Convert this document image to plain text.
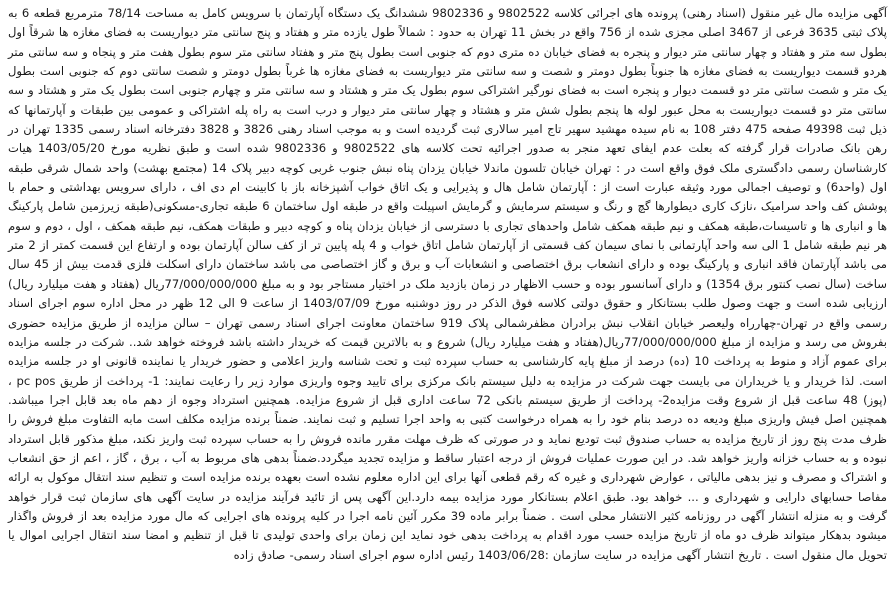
آگهی مزایده مال غیر منقول (اسناد رهنی) پرونده های اجرائی کلاسه 9802522 و 9802336 ششدانگ یک دستگاه آپارتمان با سرویس کامل به مساحت 78/14 مترمربع قطعه 6 به پلاک ثبتی 3635 فرعی از 3467 اصلی مجزی شده از 756 واقع در بخش 11 تهران به حدود : شمالاً طول یازده متر و هفتاد و پنج سانتی متر دیواریست به فضای مغازه ها شرقاً اول بطول سه متر و هفتاد و چهار سانتی متر دیوار و پنجره به فضای خیابان ده متری دوم که جنوبی است بطول پنج متر و هفتاد سانتی متر سوم بطول هفت متر و پنجاه و سه سانتی متر هردو قسمت دیواریست به فضای مغازه ها جنوباً بطول دومتر و شصت و سه سانتی متر دیواریست به فضای مغازه ها غرباً بطول دومتر و شصت سانتی دوم که جنوبی است بطول یک متر و شصت سانتی متر دو قسمت دیوار و پنجره است به فضای نورگیر اشتراکی سوم بطول یک متر و هشتاد و سه سانتی متر و چهارم جنوبی است بطول یک متر و هشتاد و سه سانتی متر دو قسمت دیواریست به محل عبور لوله ها پنجم بطول شش متر و هشتاد و چهار سانتی متر دیوار و درب است به راه پله اشتراکی و عمومی بین طبقات و آپارتمانها که ذیل ثبت 49398 صفحه 475 دفتر 108 به نام سیده مهشید سهیر تاج امیر سالاری ثبت گردیده است و به موجب اسناد رهنی 3826 و 3828 دفترخانه اسناد رسمی 1335 تهران در رهن بانک صادرات قرار گرفته که بعلت عدم ایفای تعهد منجر به صدور اجرائیه تحت کلاسه های 9802522 و 9802336 شده است و طبق نظریه مورخ 1403/05/20 هیات کارشناسان رسمی دادگستری ملک فوق واقع است در : تهران خیابان تلسون ماندلا خیابان یزدان پناه نبش جنوب غربی کوچه دبیر پلاک 14 (مجتمع بهشت) واحد شمال شرقی طبقه اول (واحد6) و توصیف اجمالی مورد وثیقه عبارت است از : آپارتمان شامل هال و پذیرایی و یک اتاق خواب آشپزخانه باز با کابینت ام دی اف ، دارای سرویس بهداشتی و حمام با پوشش کف واحد سرامیک ،نازک کاری دیطوارها گچ و رنگ و سیستم سرمایش و گرمایش اسپیلت واقع در طبقه اول ساختمان 6 طبقه تجاری-مسکونی(طبقه زیرزمین شامل پارکینگ ها و انباری ها و تاسیسات،طبقه همکف و نیم طبقه همکف شامل واحدهای تجاری با دسترسی از خیابان یزدان پناه و کوچه دبیر و طبقات همکف، نیم طبقه همکف ، اول ، دوم و سوم هر نیم طبقه شامل 1 الی سه واحد آپارتمانی با نمای سیمان کف قسمتی از آپارتمان شامل اتاق خواب و 4 پله پایین تر از کف سالن آپارتمان بوده و ارتفاع این قسمت کمتر از 2 متر می باشد آپارتمان فاقد انباری و پارکینگ بوده و دارای انشعاب برق اختصاصی و انشعابات آب و برق و گاز اختصاصی می باشد ساختمان دارای اسکلت فلزی قدمت بیش از 45 سال ساخت (سال نصب کنتور برق 1354) و دارای آسانسور بوده و حسب الاظهار در زمان بازدید ملک در اختیار مستاجر بود و به مبلغ 77/000/000/000ریال (هفتاد و هفت میلیارد ریال) ارزیابی شده است و جهت وصول طلب بستانکار و حقوق دولتی کلاسه فوق الذکر در روز دوشنبه مورخ 1403/07/09 از ساعت 9 الی 12 ظهر در محل اداره سوم اجرای اسناد رسمی واقع در تهران-چهارراه ولیعصر خیابان انقلاب نبش برادران مظفرشمالی پلاک 919 ساختمان معاونت اجرای اسناد رسمی تهران – سالن مزایده از طریق مزایده حضوری بفروش می رسد و مزایده از مبلغ 77/000/000/000ریال(هفتاد و هفت میلیارد ریال) شروع و به بالاترین قیمت که خریدار داشته باشد فروخته خواهد شد.. شرکت در جلسه مزایده برای عموم آزاد و منوط به پرداخت 10 (ده) درصد از مبلغ پایه کارشناسی به حساب سپرده ثبت و تحت شناسه واریز اعلامی و حضور خریدار یا نماینده قانونی او در جلسه مزایده است. لذا خریدار و یا خریداران می بایست جهت شرکت در مزایده به دلیل سیستم بانک مرکزی برای تایید وجوه واریزی موارد زیر را رعایت نمایند: 1- پرداخت از طریق pc pos ، (پوز) 48 ساعت قبل از شروع وقت مزایده2- پرداخت از طریق سیستم بانکی 72 ساعت اداری قبل از شروع مزایده. همچنین استرداد وجوه از دهم ماه بعد قابل اجرا میباشد. همچنین اصل فیش واریزی مبلغ ودیعه ده درصد بنام خود را به همراه درخواست کتبی به واحد اجرا تسلیم و ثبت نمایند. ضمناً برنده مزایده مکلف است مابه التفاوت مبلغ فروش را ظرف مدت پنج روز از تاریخ مزایده به حساب صندوق ثبت تودیع نماید و در صورتی که ظرف مهلت مقرر مانده فروش را به حساب سپرده ثبت واریز نکند، مبلغ مذکور قابل استرداد نبوده و به حساب خزانه واریز خواهد شد. در این صورت عملیات فروش از درجه اعتبار ساقط و مزایده تجدید میگردد.ضمناً بدهی های مربوط به آب ، برق ، گاز ، اعم از حق انشعاب و اشتراک و مصرف و نیز بدهی مالیاتی ، عوارض شهرداری و غیره که رقم قطعی آنها برای این اداره معلوم نشده است بعهده برنده مزایده است و تنظیم سند انتقال موکول به ارائه مفاصا حسابهای دارایی و شهرداری و ... خواهد بود. طبق اعلام بستانکار مورد مزایده بیمه دارد.این آگهی پس از تائید فرآیند مزایده در سایت آگهی های سازمان ثبت قرار خواهد گرفت و به منزله انتشار آگهی در روزنامه کثیر الانتشار محلی است . ضمناً برابر ماده 39 مکرر آئین نامه اجرا در کلیه پرونده های اجرایی که مال مورد مزایده بعد از فروش واگذار میشود بدهکار میتواند ظرف دو ماه از تاریخ مزایده حسب مورد اقدام به پرداخت بدهی خود نماید این زمان برای واحدی تولیدی تا قبل از تنظیم و امضا سند انتقال اجرایی اموال یا تحویل مال منقول است . تاریخ انتشار آگهی مزایده در سایت سازمان :1403/06/28 رئیس اداره سوم اجرای اسناد رسمی- صادق زاده
